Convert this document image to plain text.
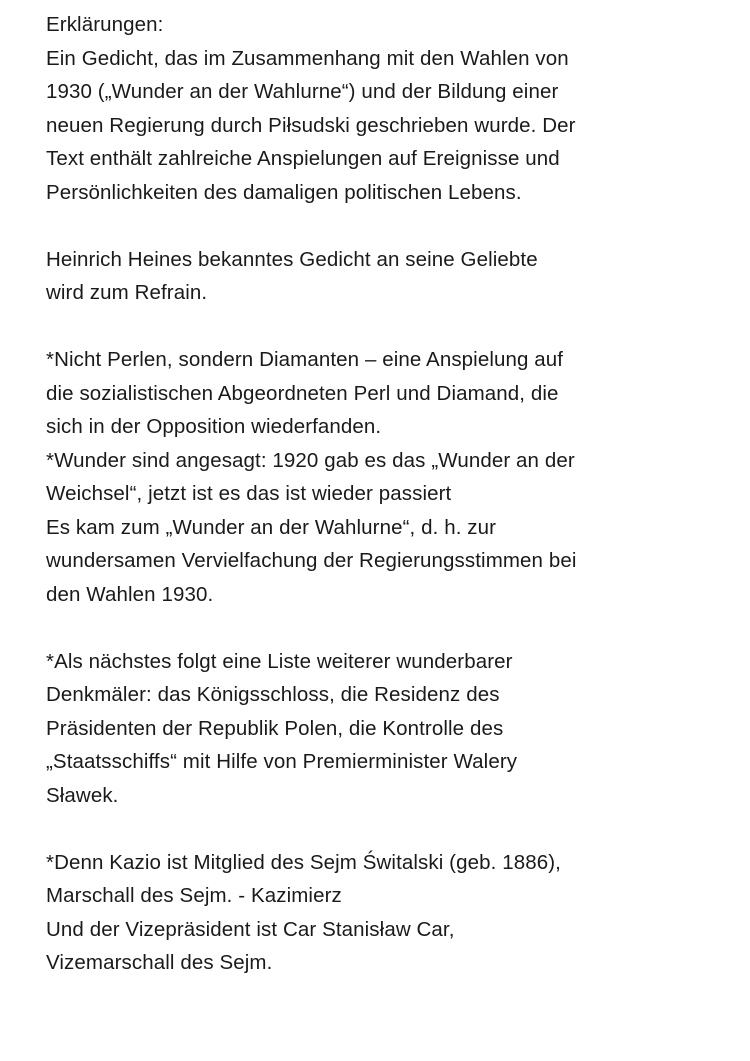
Erklärungen:
Ein Gedicht, das im Zusammenhang mit den Wahlen von
1930 („Wunder an der Wahlurne“) und der Bildung einer
neuen Regierung durch Piłsudski geschrieben wurde. Der
Text enthält zahlreiche Anspielungen auf Ereignisse und
Persönlichkeiten des damaligen politischen Lebens.
Heinrich Heines bekanntes Gedicht an seine Geliebte
wird zum Refrain.
*Nicht Perlen, sondern Diamanten – eine Anspielung auf
die sozialistischen Abgeordneten Perl und Diamand, die
sich in der Opposition wiederfanden.
*Wunder sind angesagt: 1920 gab es das „Wunder an der
Weichsel“, jetzt ist es das ist wieder passiert
Es kam zum „Wunder an der Wahlurne“, d. h. zur
wundersamen Vervielfachung der Regierungsstimmen bei
den Wahlen 1930.
*Als nächstes folgt eine Liste weiterer wunderbarer
Denkmäler: das Königsschloss, die Residenz des
Präsidenten der Republik Polen, die Kontrolle des
„Staatsschiffs“ mit Hilfe von Premierminister Walery
Sławek.
*Denn Kazio ist Mitglied des Sejm Świtalski (geb. 1886),
Marschall des Sejm. - Kazimierz
Und der Vizepräsident ist Car Stanisław Car,
Vizemarschall des Sejm.
